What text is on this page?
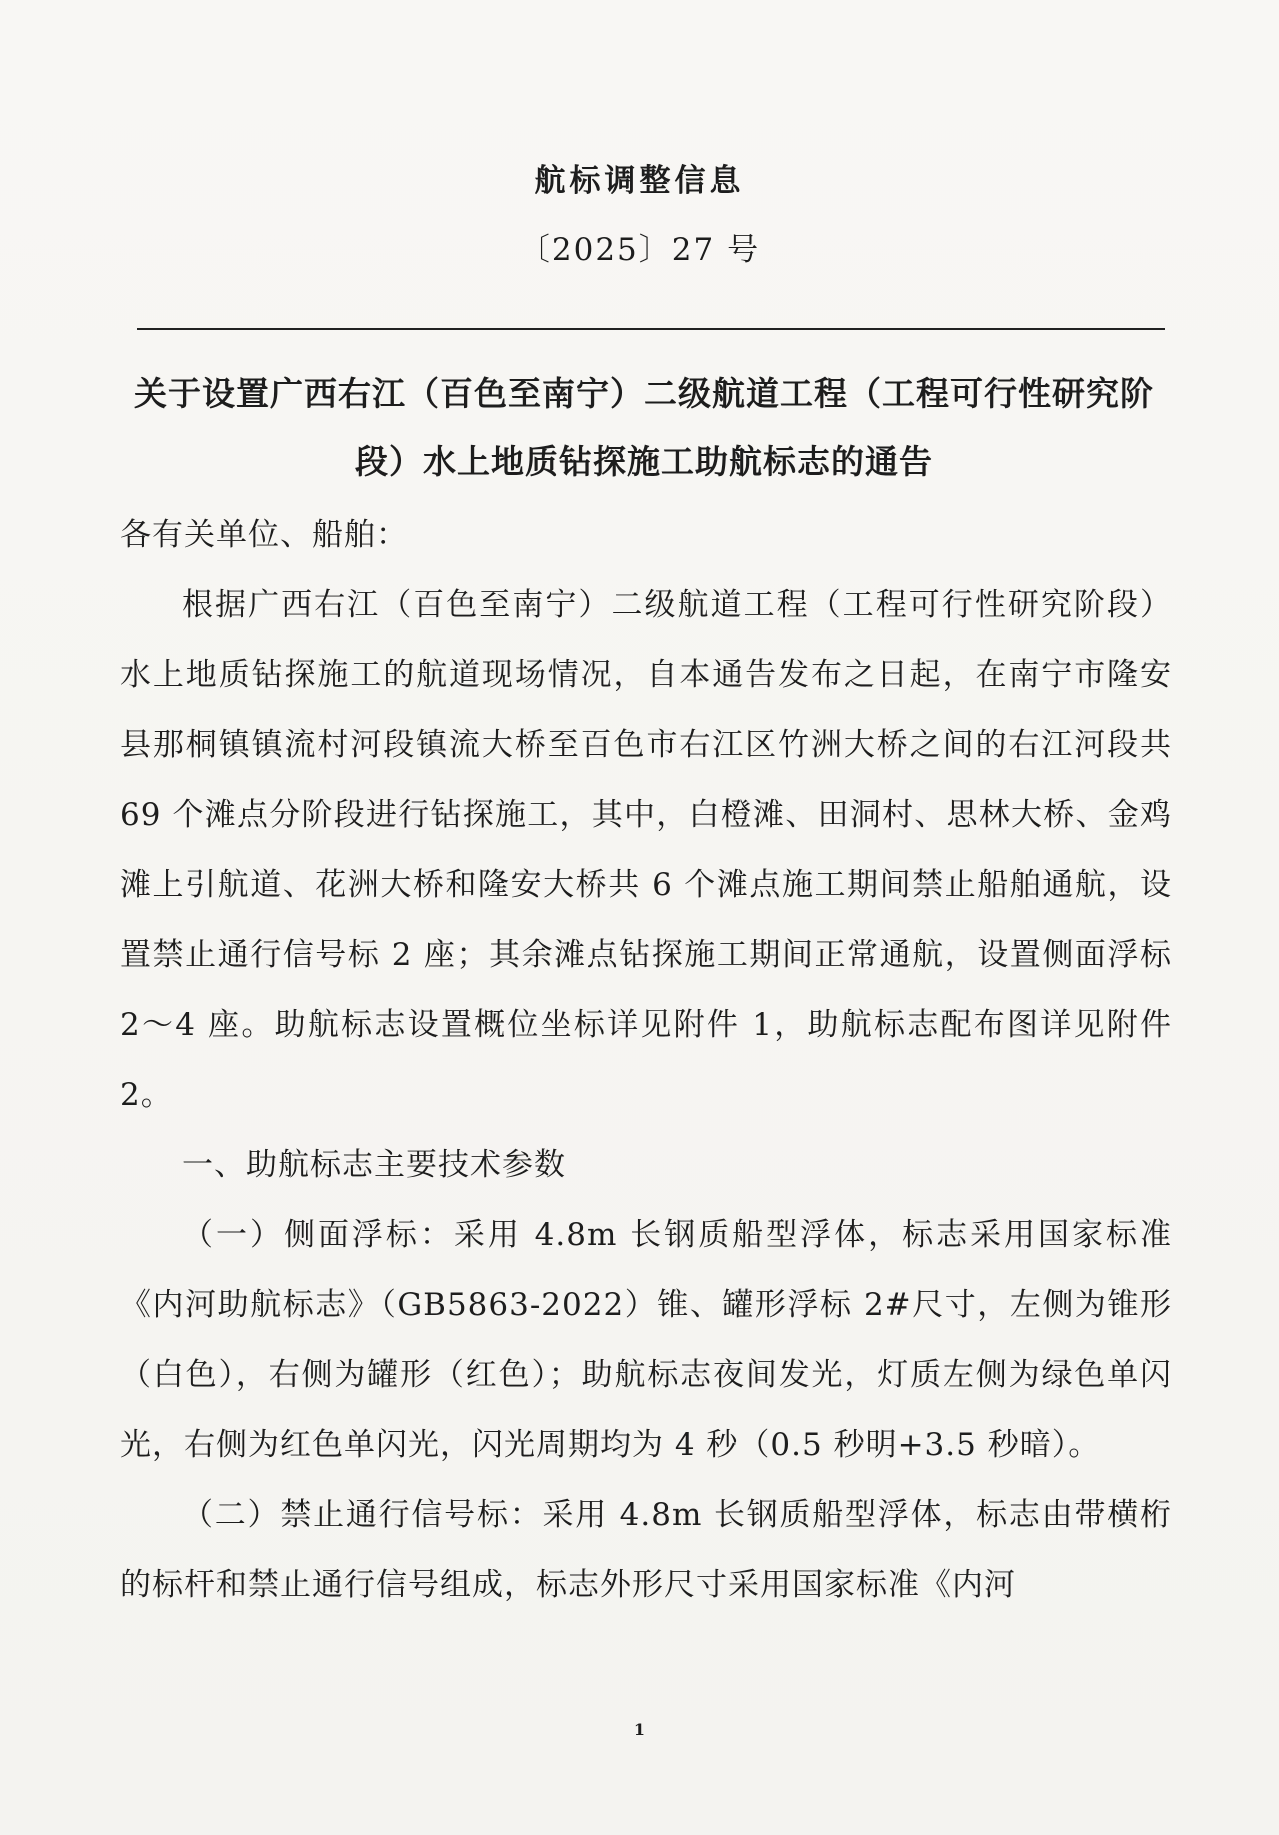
航标调整信息
〔2025〕27 号
关于设置广西右江（百色至南宁）二级航道工程（工程可行性研究阶段）水上地质钻探施工助航标志的通告

各有关单位、船舶：

根据广西右江（百色至南宁）二级航道工程（工程可行性研究阶段）水上地质钻探施工的航道现场情况，自本通告发布之日起，在南宁市隆安县那桐镇镇流村河段镇流大桥至百色市右江区竹洲大桥之间的右江河段共 69 个滩点分阶段进行钻探施工，其中，白橙滩、田洞村、思林大桥、金鸡滩上引航道、花洲大桥和隆安大桥共 6 个滩点施工期间禁止船舶通航，设置禁止通行信号标 2 座；其余滩点钻探施工期间正常通航，设置侧面浮标 2～4 座。助航标志设置概位坐标详见附件 1，助航标志配布图详见附件 2。

一、助航标志主要技术参数

（一）侧面浮标：采用 4.8m 长钢质船型浮体，标志采用国家标准《内河助航标志》（GB5863-2022）锥、罐形浮标 2#尺寸，左侧为锥形（白色），右侧为罐形（红色）；助航标志夜间发光，灯质左侧为绿色单闪光，右侧为红色单闪光，闪光周期均为 4 秒（0.5 秒明+3.5 秒暗）。

（二）禁止通行信号标：采用 4.8m 长钢质船型浮体，标志由带横桁的标杆和禁止通行信号组成，标志外形尺寸采用国家标准《内河

1
